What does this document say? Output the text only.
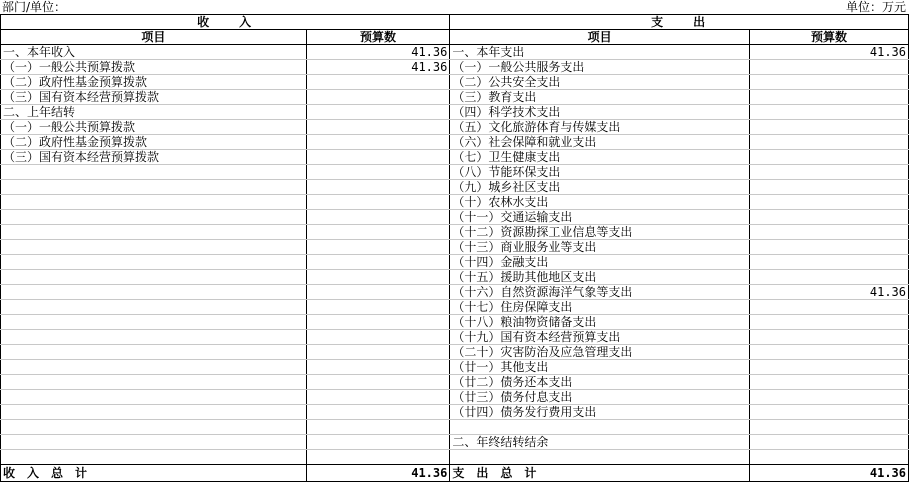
部门/单位：	单位：万元
收　　入		支　　出	
项目	预算数	项目	预算数
一、本年收入	41.36	一、本年支出	41.36
（一）一般公共预算拨款	41.36	（一）一般公共服务支出	
（二）政府性基金预算拨款		（二）公共安全支出	
（三）国有资本经营预算拨款		（三）教育支出	
二、上年结转		（四）科学技术支出	
（一）一般公共预算拨款		（五）文化旅游体育与传媒支出	
（二）政府性基金预算拨款		（六）社会保障和就业支出	
（三）国有资本经营预算拨款		（七）卫生健康支出	
		（八）节能环保支出	
		（九）城乡社区支出	
		（十）农林水支出	
		（十一）交通运输支出	
		（十二）资源勘探工业信息等支出	
		（十三）商业服务业等支出	
		（十四）金融支出	
		（十五）援助其他地区支出	
		（十六）自然资源海洋气象等支出	41.36
		（十七）住房保障支出	
		（十八）粮油物资储备支出	
		（十九）国有资本经营预算支出	
		（二十）灾害防治及应急管理支出	
		（廿一）其他支出	
		（廿二）债务还本支出	
		（廿三）债务付息支出	
		（廿四）债务发行费用支出	

		二、年终结转结余	

收　入　总　计	41.36	支　出　总　计	41.36
